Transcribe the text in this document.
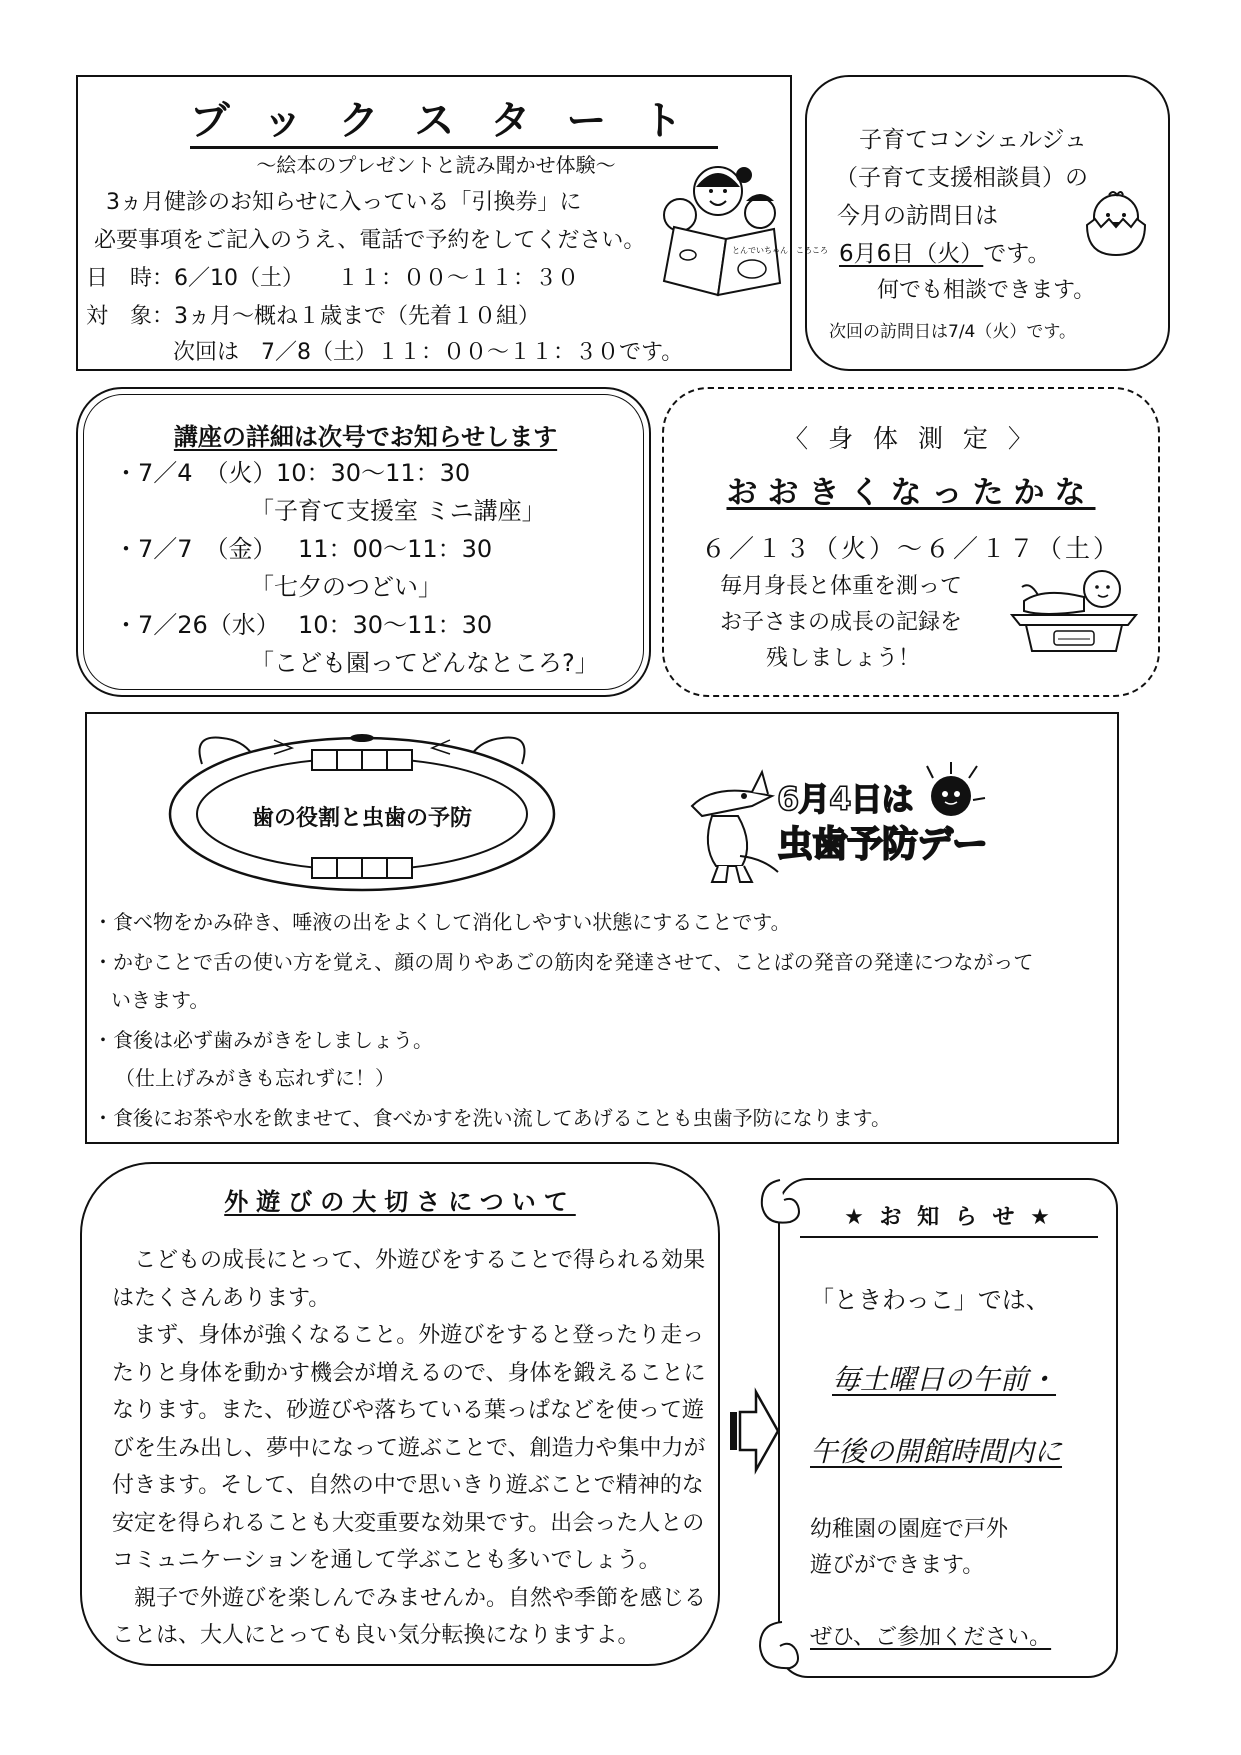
ブックスタート
～絵本のプレゼントと読み聞かせ体験～
3ヵ月健診のお知らせに入っている「引換券」に
必要事項をご記入のうえ、電話で予約をしてください。
日　時：6／10（土）　　１１：００～１１：３０
対　象：3ヵ月～概ね１歳まで（先着１０組）
次回は　7／8（土）１１：００～１１：３０です。
とんでいちゃん　ころころ
子育てコンシェルジュ
（子育て支援相談員）の
今月の訪問日は
6月6日（火）です。
何でも相談できます。
次回の訪問日は7/4（火）です。
講座の詳細は次号でお知らせします
・7／4　（火） 10：30～11：30
「子育て支援室 ミニ講座」
・7／7　（金） 11：00～11：30
「七夕のつどい」
・7／26（水） 10：30～11：30
「こども園ってどんなところ?」
〈 身 体 測 定 〉
おおきくなったかな
６／１３（火）～６／１７（土）
毎月身長と体重を測って
お子さまの成長の記録を
残しましょう！
歯の役割と虫歯の予防
6月4日は
虫歯予防デー
・食べ物をかみ砕き、唾液の出をよくして消化しやすい状態にすることです。
・かむことで舌の使い方を覚え、顔の周りやあごの筋肉を発達させて、ことばの発音の発達につながって
いきます。
・食後は必ず歯みがきをしましょう。
（仕上げみがきも忘れずに！）
・食後にお茶や水を飲ませて、食べかすを洗い流してあげることも虫歯予防になります。
外遊びの大切さについて
　こどもの成長にとって、外遊びをすることで得られる効果
はたくさんあります。
　まず、身体が強くなること。外遊びをすると登ったり走っ
たりと身体を動かす機会が増えるので、身体を鍛えることに
なります。また、砂遊びや落ちている葉っぱなどを使って遊
びを生み出し、夢中になって遊ぶことで、創造力や集中力が
付きます。そして、自然の中で思いきり遊ぶことで精神的な
安定を得られることも大変重要な効果です。出会った人との
コミュニケーションを通して学ぶことも多いでしょう。
　親子で外遊びを楽しんでみませんか。自然や季節を感じる
ことは、大人にとっても良い気分転換になりますよ。
★ お 知 ら せ ★
「ときわっこ」では、
毎土曜日の午前・
午後の開館時間内に
幼稚園の園庭で戸外
遊びができます。
ぜひ、ご参加ください。
